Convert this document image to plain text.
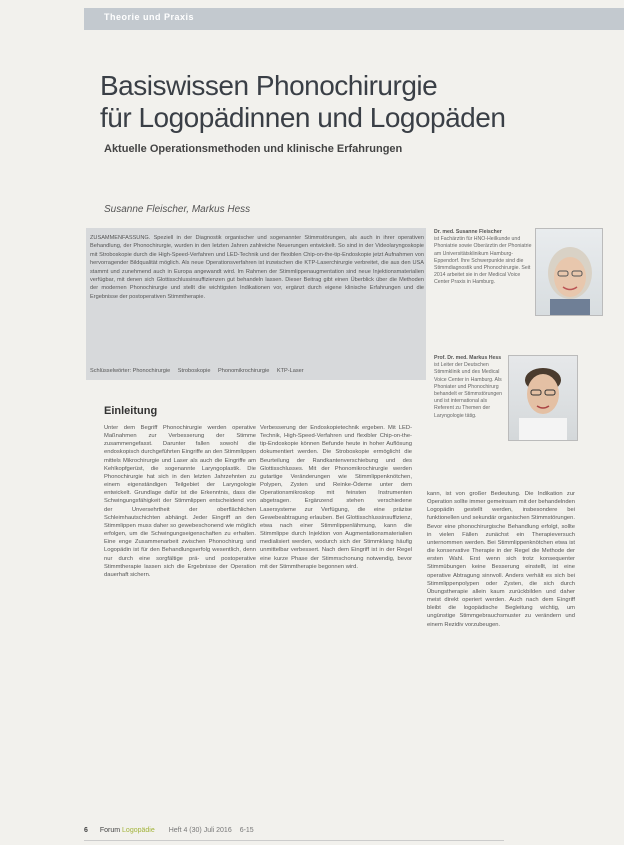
Theorie und Praxis
Basiswissen Phonochirurgie
für Logopädinnen und Logopäden
Aktuelle Operationsmethoden und klinische Erfahrungen
Susanne Fleischer, Markus Hess
ZUSAMMENFASSUNG. Speziell in der Diagnostik organischer und sogenannter Stimmstörungen, als auch in ihrer operativen Behandlung, der Phonochirurgie, wurden in den letzten Jahren zahlreiche Neuerungen entwickelt. So sind in der Videolaryngoskopie mit Stroboskopie durch die High-Speed-Verfahren und LED-Technik und der flexiblen Chip-on-the-tip-Endoskopie jetzt Aufnahmen von hervorragender Bildqualität möglich. Als neue Operationsverfahren ist inzwischen die KTP-Laserchirurgie verbreitet, die aus den USA stammt und zunehmend auch in Europa angewandt wird. Im Rahmen der Stimmlippenaugmentation sind neue Injektionsmaterialien verfügbar, mit denen sich Glottisschlussinsuffizienzen gut behandeln lassen. Dieser Beitrag gibt einen Überblick über die Methoden der modernen Phonochirurgie und stellt die wichtigsten Indikationen vor, ergänzt durch eigene klinische Erfahrungen und die Ergebnisse der postoperativen Stimmtherapie.
Schlüsselwörter: Phonochirurgie Stroboskopie Phonomikrochirurgie KTP-Laser
Dr. med. Susanne Fleischer
ist Fachärztin für HNO-Heilkunde und Phoniatrie sowie Oberärztin der Phoniatrie am Universitätsklinikum Hamburg-Eppendorf. Ihre Schwerpunkte sind die Stimmdiagnostik und Phonochirurgie. Seit 2014 arbeitet sie in der Medical Voice Center Praxis in Hamburg.
Prof. Dr. med. Markus Hess
ist Leiter der Deutschen Stimmklinik und des Medical Voice Center in Hamburg. Als Phoniater und Phonochirurg behandelt er Stimmstörungen und ist international als Referent zu Themen der Laryngologie tätig.
Einleitung
Unter dem Begriff Phonochirurgie werden operative Maßnahmen zur Verbesserung der Stimme zusammengefasst. Darunter fallen sowohl die endoskopisch durchgeführten Eingriffe an den Stimmlippen mittels Mikrochirurgie und Laser als auch die Eingriffe am Kehlkopfgerüst, die sogenannte Laryngoplastik. Die Phonochirurgie hat sich in den letzten Jahrzehnten zu einem eigenständigen Teilgebiet der Laryngologie entwickelt. Grundlage dafür ist die Erkenntnis, dass die Schwingungsfähigkeit der Stimmlippen entscheidend von der Unversehrtheit der oberflächlichen Schleimhautschichten abhängt. Jeder Eingriff an den Stimmlippen muss daher so gewebeschonend wie möglich erfolgen, um die Schwingungseigenschaften zu erhalten. Eine enge Zusammenarbeit zwischen Phonochirurg und Logopädin ist für den Behandlungserfolg wesentlich, denn nur durch eine sorgfältige prä- und postoperative Stimmtherapie lassen sich die Ergebnisse der Operation dauerhaft sichern.
Verbesserung der Endoskopietechnik ergeben. Mit LED-Technik, High-Speed-Verfahren und flexibler Chip-on-the-tip-Endoskopie können Befunde heute in hoher Auflösung dokumentiert werden. Die Stroboskopie ermöglicht die Beurteilung der Randkantenverschiebung und des Glottisschlusses. Mit der Phonomikrochirurgie werden gutartige Veränderungen wie Stimmlippenknötchen, Polypen, Zysten und Reinke-Ödeme unter dem Operationsmikroskop mit feinsten Instrumenten abgetragen. Ergänzend stehen verschiedene Lasersysteme zur Verfügung, die eine präzise Gewebeabtragung erlauben. Bei Glottisschlussinsuffizienz, etwa nach einer Stimmlippenlähmung, kann die Stimmlippe durch Injektion von Augmentationsmaterialien medialisiert werden, wodurch sich der Stimmklang häufig unmittelbar verbessert. Nach dem Eingriff ist in der Regel eine kurze Phase der Stimmschonung notwendig, bevor mit der Stimmtherapie begonnen wird.
kann, ist von großer Bedeutung. Die Indikation zur Operation sollte immer gemeinsam mit der behandelnden Logopädin gestellt werden, insbesondere bei funktionellen und sekundär organischen Stimmstörungen. Bevor eine phonochirurgische Behandlung erfolgt, sollte in vielen Fällen zunächst ein Therapieversuch unternommen werden. Bei Stimmlippenknötchen etwa ist die konservative Therapie in der Regel die Methode der ersten Wahl. Erst wenn sich trotz konsequenter Stimmübungen keine Besserung einstellt, ist eine operative Abtragung sinnvoll. Anders verhält es sich bei Stimmlippenpolypen oder Zysten, die sich durch Übungstherapie allein kaum zurückbilden und daher meist direkt operiert werden. Auch nach dem Eingriff bleibt die logopädische Begleitung wichtig, um ungünstige Stimmgebrauchsmuster zu verändern und einem Rezidiv vorzubeugen.
6 Forum Logopädie Heft 4 (30) Juli 2016 6-15
